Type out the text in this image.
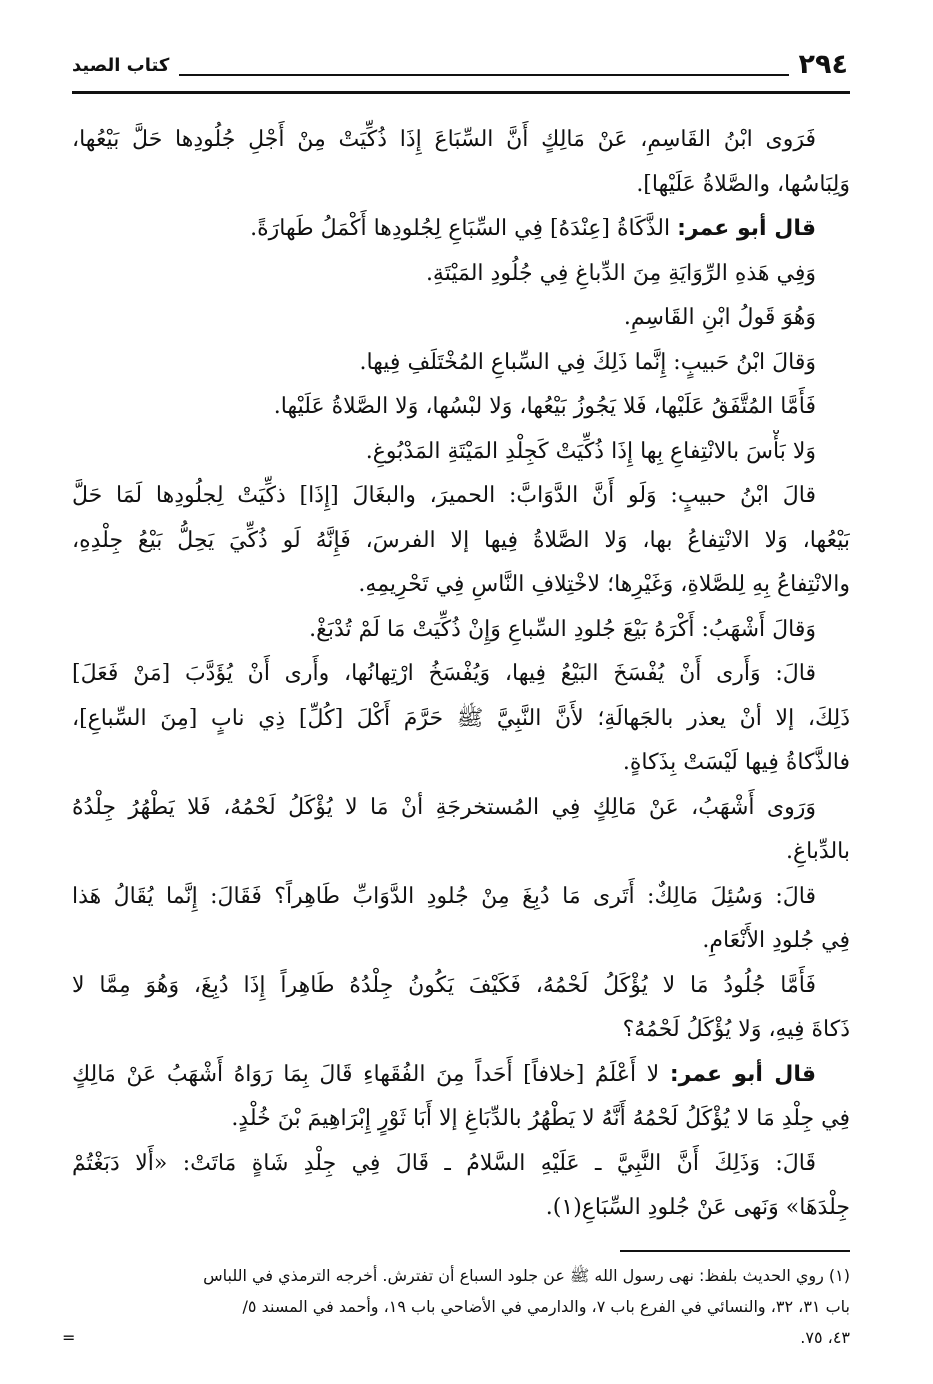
٢٩٤
كتاب الصيد
فَرَوى ابْنُ القَاسِمِ، عَنْ مَالِكٍ أَنَّ السِّبَاعَ إِذَا ذُكِّيَتْ مِنْ أَجْلِ جُلُودِها حَلَّ بَيْعُها،
وَلِبَاسُها، والصَّلاةُ عَلَيْها].
قال أبو عمر: الذَّكَاةُ [عِنْدَهُ] فِي السِّبَاعِ لِجُلودِها أَكْمَلُ طَهارَةً.
وَفِي هَذهِ الرِّوَايَةِ مِنَ الدِّباغِ فِي جُلُودِ المَيْتَةِ.
وَهُوَ قَولُ ابْنِ القَاسِمِ.
وَقالَ ابْنُ حَبيبٍ: إِنَّما ذَلِكَ فِي السِّباعِ المُخْتَلَفِ فِيها.
فَأَمَّا المُتَّفَقُ عَلَيْها، فَلا يَجُوزُ بَيْعُها، وَلا لبْسُها، وَلا الصَّلاةُ عَلَيْها.
وَلا بَأْسَ بالانْتِفاعِ بِها إِذَا ذُكِّيَتْ كَجِلْدِ المَيْتَةِ المَدْبُوغِ.
قالَ ابْنُ حبيبٍ: وَلَو أَنَّ الدَّوَابَّ: الحميرَ، والبغَالَ [إِذَا] ذكِّيَتْ لِجلُودِها لَمَا حَلَّ
بَيْعُها، وَلا الانْتِفاعُ بها، وَلا الصَّلاةُ فِيها إلا الفرسَ، فَإِنَّهُ لَو ذُكِّيَ يَحِلُّ بَيْعُ جِلْدِهِ،
والانْتِفاعُ بِهِ لِلصَّلاةِ، وَغَيْرِها؛ لاخْتِلافِ النَّاسِ فِي تَحْرِيمِهِ.
وَقالَ أَشْهَبُ: أَكْرَهُ بَيْعَ جُلودِ السِّباعِ وَإِنْ ذُكِّيَتْ مَا لَمْ تُدْبَغْ.
قالَ: وَأَرى أَنْ يُفْسَخَ البَيْعُ فِيها، وَيُفْسَخُ ارْتِهانُها، وأَرى أَنْ يُؤَدَّبَ [مَنْ فَعَلَ]
ذَلِكَ، إلا أنْ يعذر بالجَهالَةِ؛ لأَنَّ النَّبِيَّ ﷺ حَرَّمَ أَكْلَ [كُلِّ] ذِي نابٍ [مِنَ السِّباعِ]،
فالذَّكاةُ فِيها لَيْسَتْ بِذَكاةٍ.
وَرَوى أَشْهَبُ، عَنْ مَالِكٍ فِي المُستخرجَةِ أنْ مَا لا يُؤْكَلُ لَحْمُهُ، فَلا يَطْهُرُ جِلْدُهُ
بالدِّباغِ.
قالَ: وَسُئِلَ مَالِكٌ: أَتَرى مَا دُبِغَ مِنْ جُلودِ الدَّوَابِّ طَاهِراً؟ فَقَالَ: إِنَّما يُقَالُ هَذا
فِي جُلودِ الأَنْعَامِ.
فَأَمَّا جُلُودُ مَا لا يُؤْكَلُ لَحْمُهُ، فَكَيْفَ يَكُونُ جِلْدُهُ طَاهِراً إِذَا دُبِغَ، وَهُوَ مِمَّا لا
ذَكاةَ فِيهِ، وَلا يُؤْكَلُ لَحْمُهُ؟
قال أبو عمر: لا أَعْلَمُ [خلافاً] أَحَداً مِنَ الفُقَهاءِ قَالَ بِمَا رَوَاهُ أَشْهَبُ عَنْ مَالِكٍ
فِي جِلْدِ مَا لا يُؤْكَلُ لَحْمُهُ أَنَّهُ لا يَطْهُرُ بالدِّبَاغِ إلا أَبَا ثَوْرٍ إِبْرَاهِيمَ بْنَ خُلْدٍ.
قَالَ: وَذَلِكَ أَنَّ النَّبِيَّ ـ عَلَيْهِ السَّلامُ ـ قَالَ فِي جِلْدِ شَاةٍ مَاتَتْ: «أَلا دَبَغْتُمْ
جِلْدَهَا» وَنَهى عَنْ جُلودِ السِّبَاعِ(١).
(١) روي الحديث بلفظ: نهى رسول الله ﷺ عن جلود السباع أن تفترش. أخرجه الترمذي في اللباس
باب ٣١، ٣٢، والنسائي في الفرع باب ٧، والدارمي في الأضاحي باب ١٩، وأحمد في المسند ٥/
٤٣، ٧٥.
=
